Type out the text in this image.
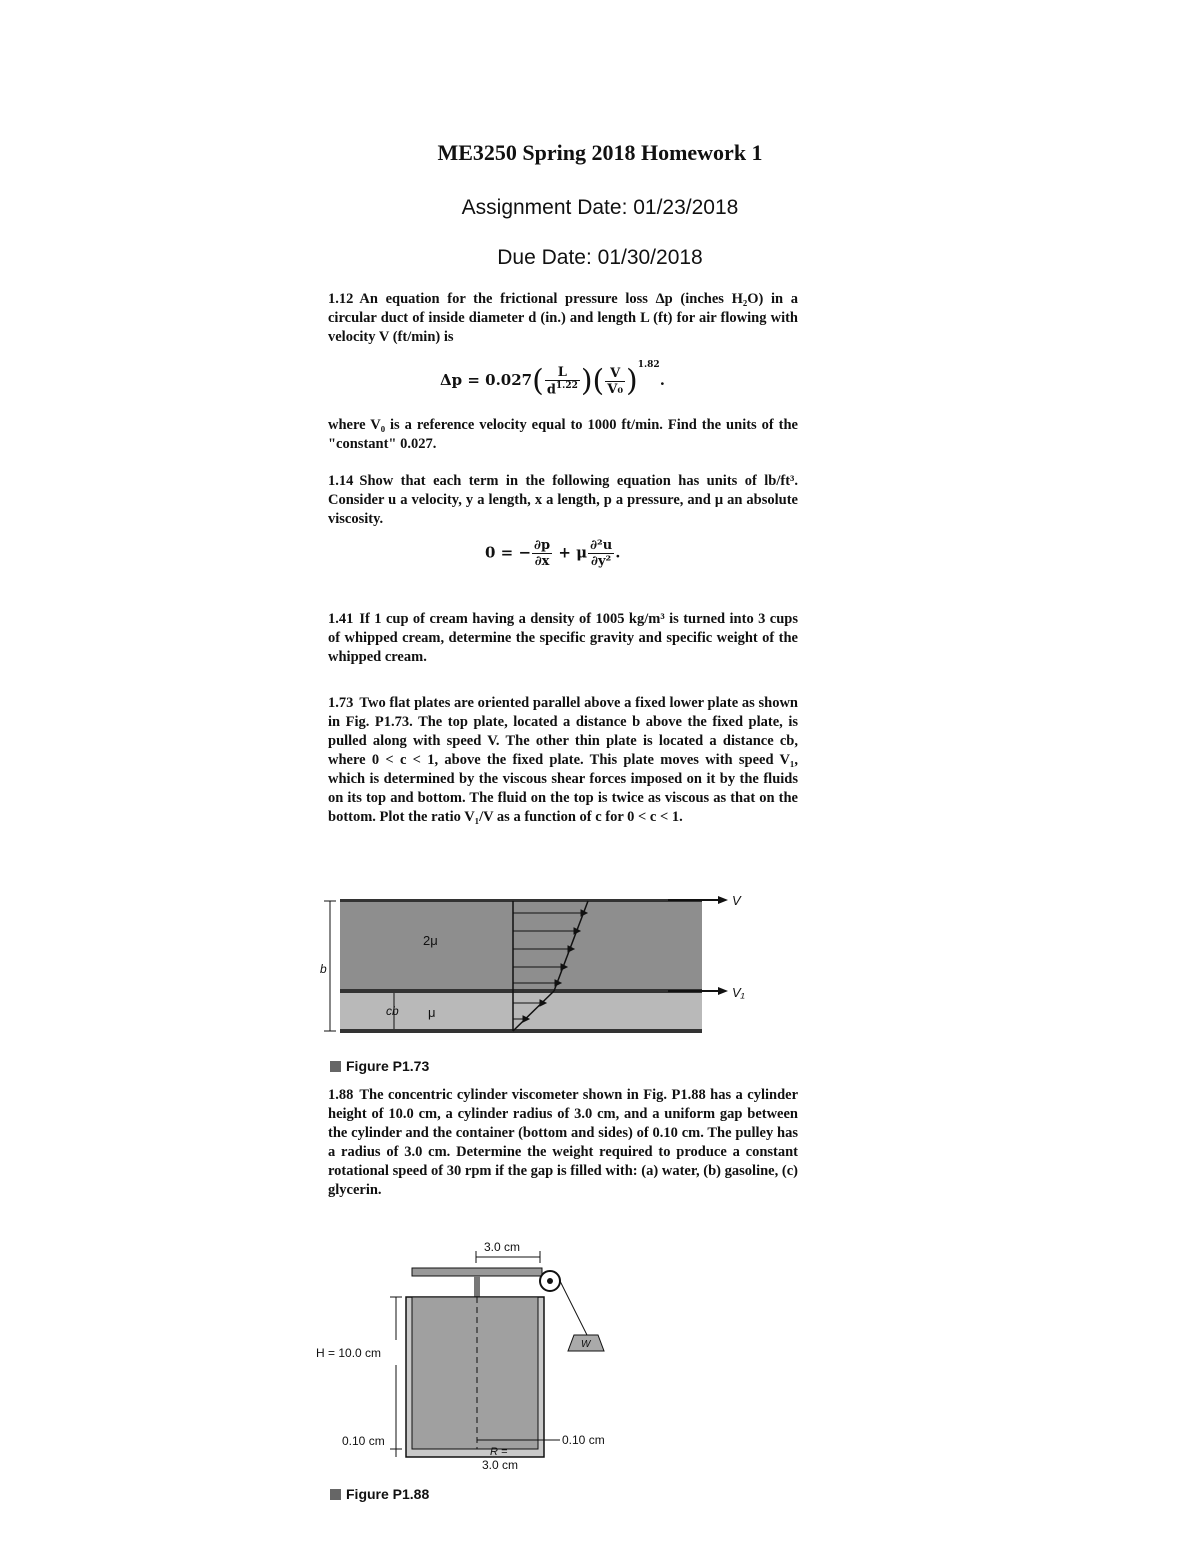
ME3250 Spring 2018 Homework 1
Assignment Date: 01/23/2018
Due Date: 01/30/2018
1.12 An equation for the frictional pressure loss Δp (inches H₂O) in a circular duct of inside diameter d (in.) and length L (ft) for air flowing with velocity V (ft/min) is
$\Delta p = 0.027( \frac{L}{d^{1.22}}$ )( $\frac{V}{\text{V₀}} )^{1.82}$.
where V₀ is a reference velocity equal to 1000 ft/min. Find the units of the "constant" 0.027.
1.14 Show that each term in the following equation has units of lb/ft³. Consider u a velocity, y a length, x a length, p a pressure, and μ an absolute viscosity.
0 = − $\frac{\partial p}{\partial x} + \mu \frac{\text{∂²u}}{\text{∂y²}}$ .
1.41 If 1 cup of cream having a density of 1005 kg/m³ is turned into 3 cups of whipped cream, determine the specific gravity and specific weight of the whipped cream.
1.73 Two flat plates are oriented parallel above a fixed lower plate as shown in Fig. P1.73. The top plate, located a distance b above the fixed plate, is pulled along with speed V. The other thin plate is located a distance cb, where 0 < c < 1, above the fixed plate. This plate moves with speed V₁, which is determined by the viscous shear forces imposed on it by the fluids on its top and bottom. The fluid on the top is twice as viscous as that on the bottom. Plot the ratio V₁/V as a function of c for 0 < c < 1.
2μ
μ
b
cb
V
V₁
Figure P1.73
1.88 The concentric cylinder viscometer shown in Fig. P1.88 has a cylinder height of 10.0 cm, a cylinder radius of 3.0 cm, and a uniform gap between the cylinder and the container (bottom and sides) of 0.10 cm. The pulley has a radius of 3.0 cm. Determine the weight required to produce a constant rotational speed of 30 rpm if the gap is filled with: (a) water, (b) gasoline, (c) glycerin.
3.0 cm
W
H = 10.0 cm
0.10 cm	0.10 cm
R =
3.0 cm
Figure P1.88
